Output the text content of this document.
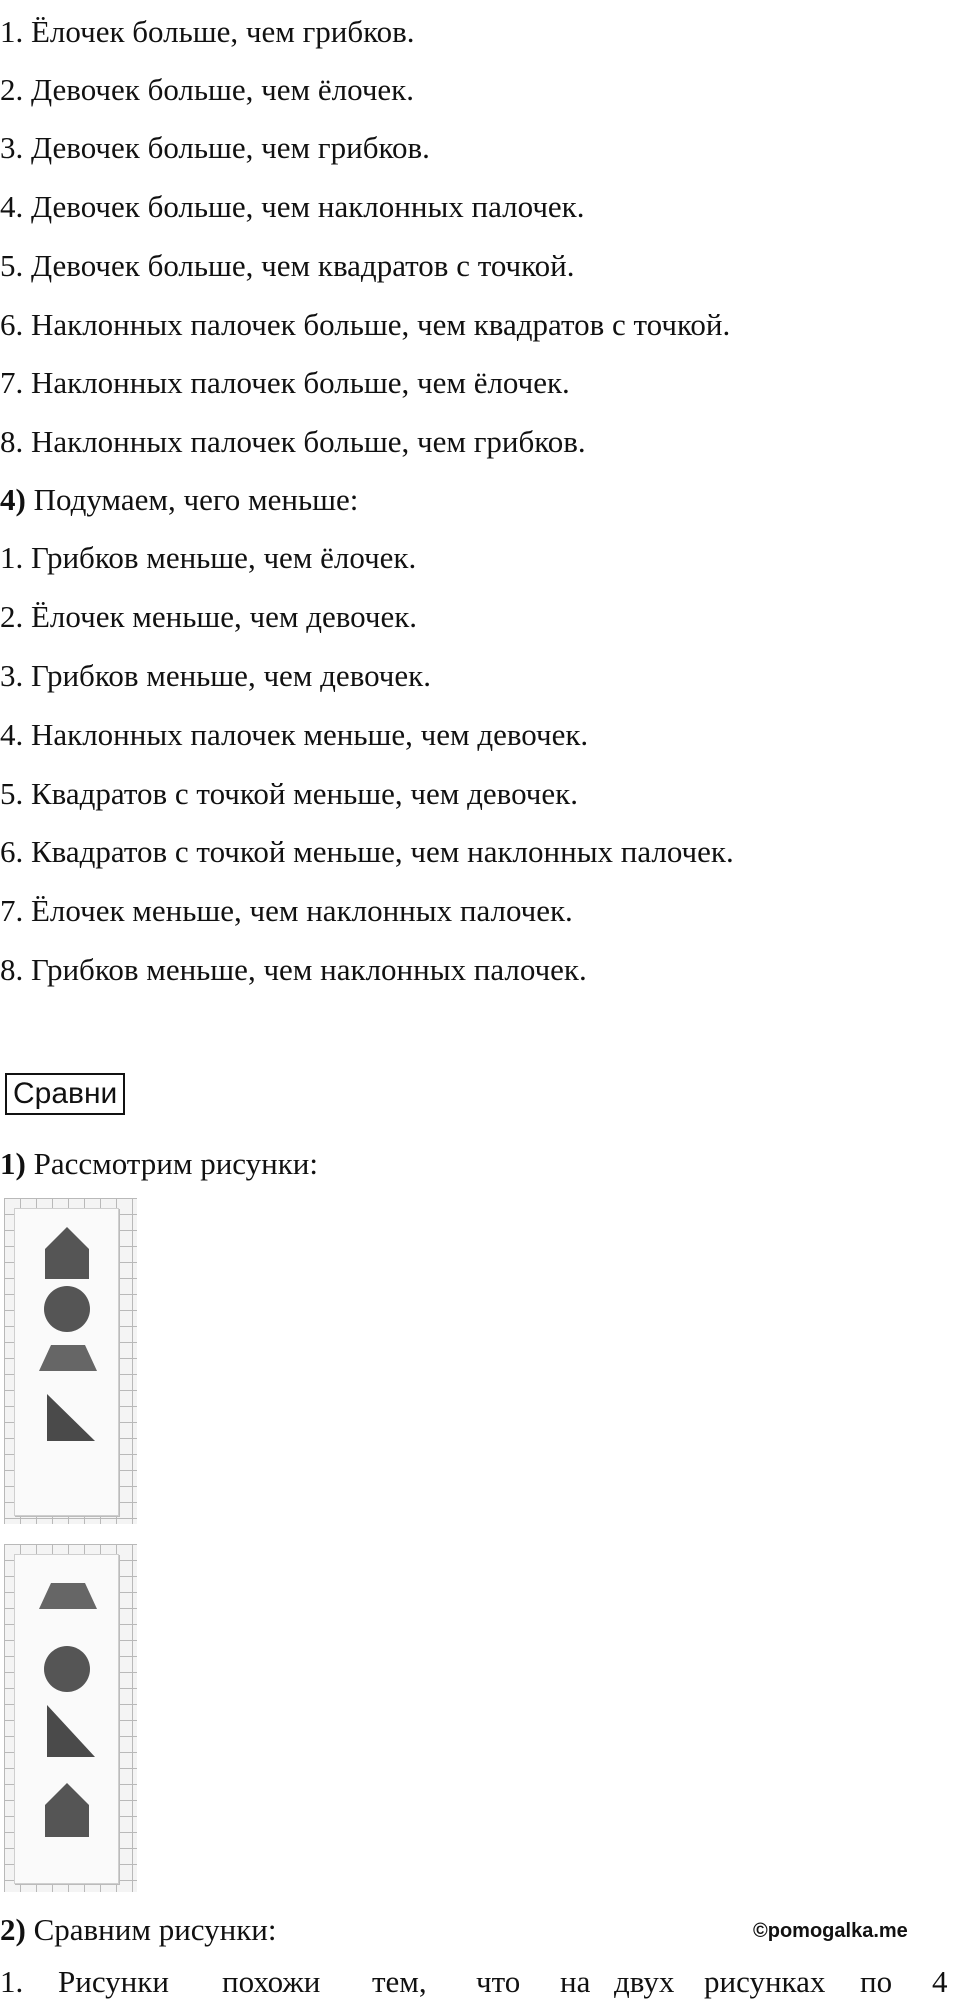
1. Ёлочек больше, чем грибков.
2. Девочек больше, чем ёлочек.
3. Девочек больше, чем грибков.
4. Девочек больше, чем наклонных палочек.
5. Девочек больше, чем квадратов с точкой.
6. Наклонных палочек больше, чем квадратов с точкой.
7. Наклонных палочек больше, чем ёлочек.
8. Наклонных палочек больше, чем грибков.
4) Подумаем, чего меньше:
1. Грибков меньше, чем ёлочек.
2. Ёлочек меньше, чем девочек.
3. Грибков меньше, чем девочек.
4. Наклонных палочек меньше, чем девочек.
5. Квадратов с точкой меньше, чем девочек.
6. Квадратов с точкой меньше, чем наклонных палочек.
7. Ёлочек меньше, чем наклонных палочек.
8. Грибков меньше, чем наклонных палочек.
Сравни
1) Рассмотрим рисунки:
2) Сравним рисунки:	©pomogalka.me
1. Рисунки похожи тем, что на двух рисунках по 4
